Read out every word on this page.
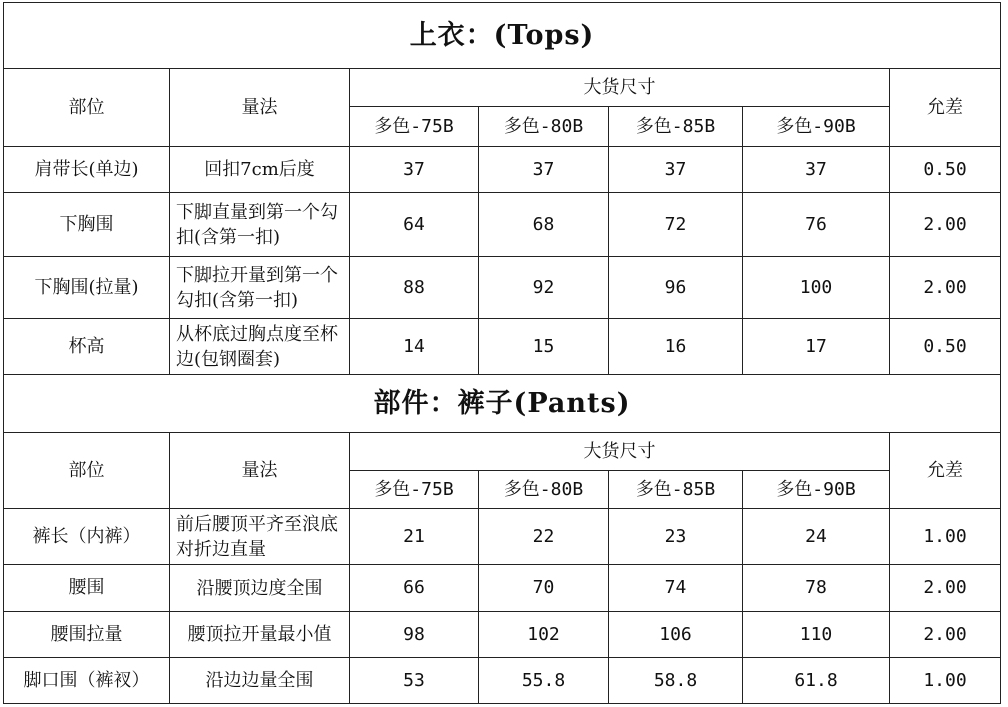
上衣：(Tops)						
部位	量法	大货尺寸				允差
		多色-75B	多色-80B	多色-85B	多色-90B	
肩带长(单边)	回扣7cm后度	37	37	37	37	0.50
下胸围	下脚直量到第一个勾扣(含第一扣)	64	68	72	76	2.00
下胸围(拉量)	下脚拉开量到第一个勾扣(含第一扣)	88	92	96	100	2.00
杯高	从杯底过胸点度至杯边(包钢圈套)	14	15	16	17	0.50
部件：裤子(Pants)						
部位	量法	大货尺寸				允差
		多色-75B	多色-80B	多色-85B	多色-90B	
裤长（内裤）	前后腰顶平齐至浪底对折边直量	21	22	23	24	1.00
腰围	沿腰顶边度全围	66	70	74	78	2.00
腰围拉量	腰顶拉开量最小值	98	102	106	110	2.00
脚口围（裤衩）	沿边边量全围	53	55.8	58.8	61.8	1.00
